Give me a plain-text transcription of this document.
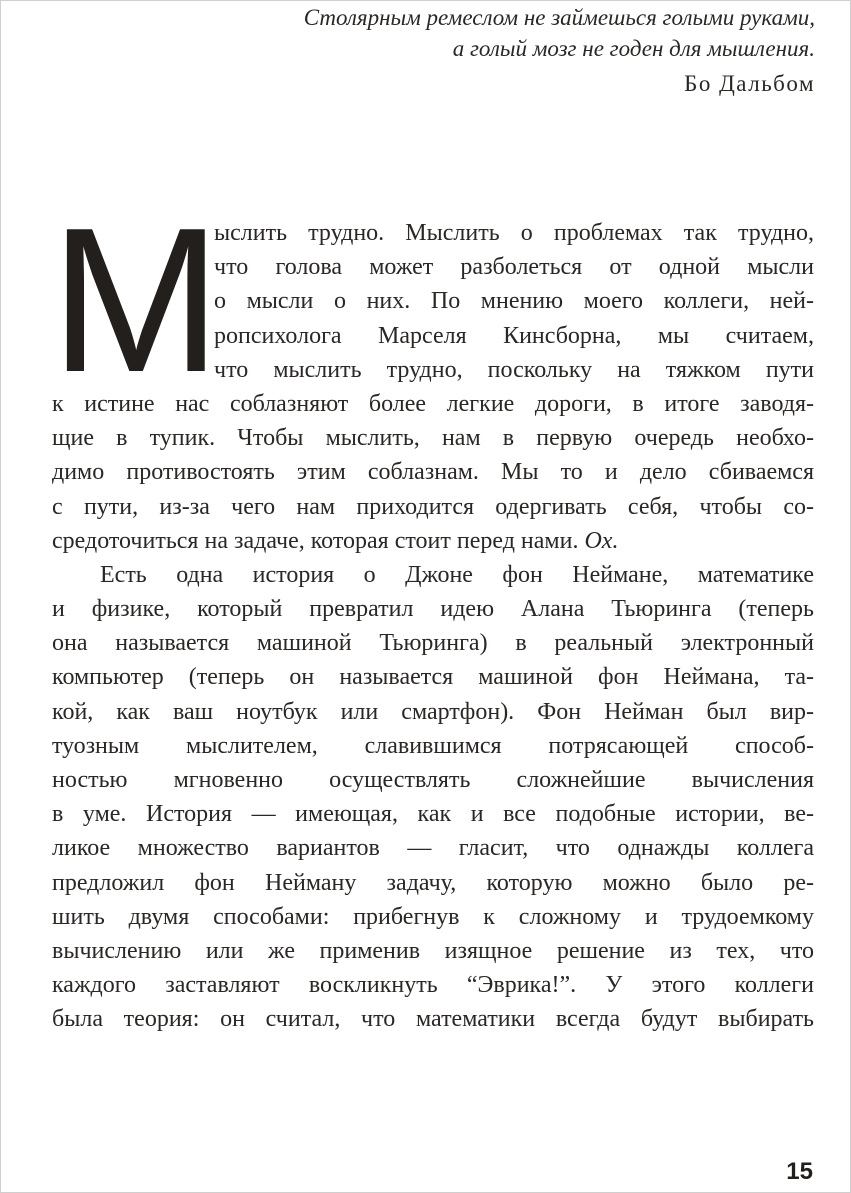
Столярным ремеслом не займешься голыми руками,
а голый мозг не годен для мышления.
Бо Дальбом
М
ыслить трудно. Мыслить о проблемах так трудно,
что голова может разболеться от одной мысли
о мысли о них. По мнению моего коллеги, ней-
ропсихолога Марселя Кинсборна, мы считаем,
что мыслить трудно, поскольку на тяжком пути
к истине нас соблазняют более легкие дороги, в итоге заводя-
щие в тупик. Чтобы мыслить, нам в первую очередь необхо-
димо противостоять этим соблазнам. Мы то и дело сбиваемся
с пути, из-за чего нам приходится одергивать себя, чтобы со-
средоточиться на задаче, которая стоит перед нами. Ох.
Есть одна история о Джоне фон Неймане, математике
и физике, который превратил идею Алана Тьюринга (теперь
она называется машиной Тьюринга) в реальный электронный
компьютер (теперь он называется машиной фон Неймана, та-
кой, как ваш ноутбук или смартфон). Фон Нейман был вир-
туозным мыслителем, славившимся потрясающей способ-
ностью мгновенно осуществлять сложнейшие вычисления
в уме. История — имеющая, как и все подобные истории, ве-
ликое множество вариантов — гласит, что однажды коллега
предложил фон Нейману задачу, которую можно было ре-
шить двумя способами: прибегнув к сложному и трудоемкому
вычислению или же применив изящное решение из тех, что
каждого заставляют воскликнуть “Эврика!”. У этого коллеги
была теория: он считал, что математики всегда будут выбирать
15
